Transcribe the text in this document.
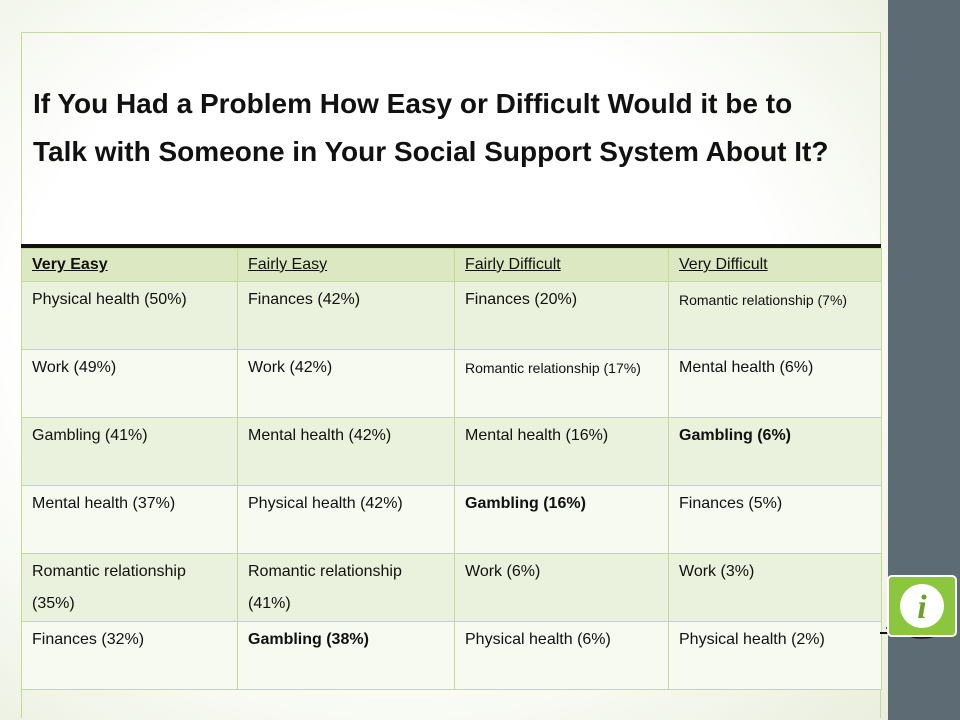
If You Had a Problem How Easy or Difficult Would it be to Talk with Someone in Your Social Support System About It?
Very Easy	Fairly Easy	Fairly Difficult	Very Difficult
Physical health (50%)	Finances (42%)	Finances (20%)	Romantic relationship (7%)
Work (49%)	Work (42%)	Romantic relationship (17%)	Mental health (6%)
Gambling (41%)	Mental health (42%)	Mental health (16%)	Gambling (6%)
Mental health (37%)	Physical health (42%)	Gambling (16%)	Finances (5%)
Romantic relationship (35%)	Romantic relationship (41%)	Work (6%)	Work (3%)
Finances (32%)	Gambling (38%)	Physical health (6%)	Physical health (2%)
i
